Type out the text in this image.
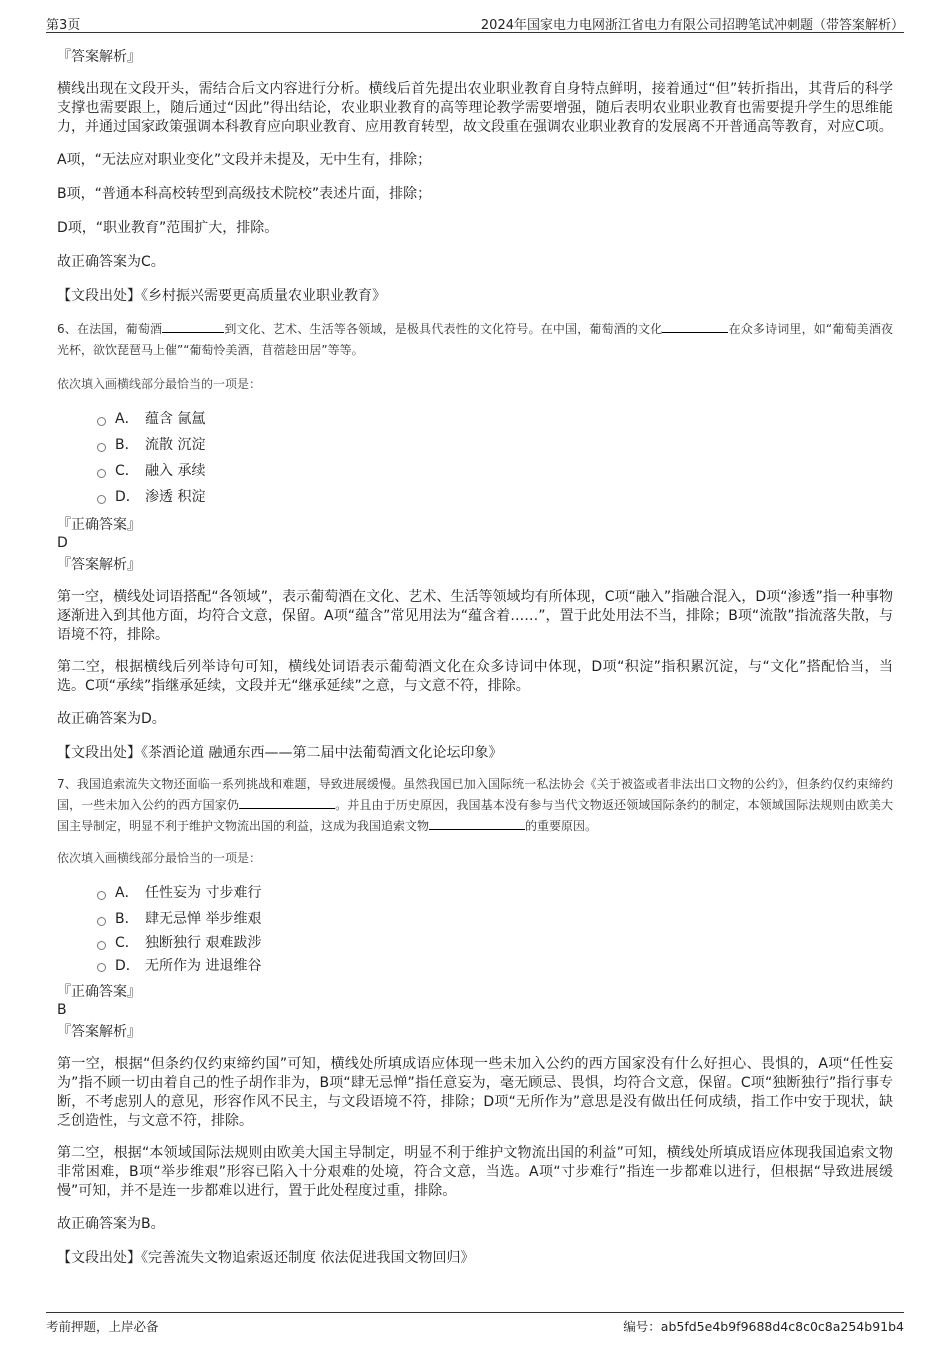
第3页	2024年国家电力电网浙江省电力有限公司招聘笔试冲刺题（带答案解析）

『答案解析』

横线出现在文段开头，需结合后文内容进行分析。横线后首先提出农业职业教育自身特点鲜明，接着通过“但”转折指出，其背后的科学支撑也需要跟上，随后通过“因此”得出结论，农业职业教育的高等理论教学需要增强，随后表明农业职业教育也需要提升学生的思维能力，并通过国家政策强调本科教育应向职业教育、应用教育转型，故文段重在强调农业职业教育的发展离不开普通高等教育，对应C项。

A项，“无法应对职业变化”文段并未提及，无中生有，排除；

B项，“普通本科高校转型到高级技术院校”表述片面，排除；

D项，“职业教育”范围扩大，排除。

故正确答案为C。

【文段出处】《乡村振兴需要更高质量农业职业教育》

6、在法国，葡萄酒	到文化、艺术、生活等各领域，是极具代表性的文化符号。在中国，葡萄酒的文化	在众多诗词里，如“葡萄美酒夜光杯，欲饮琵琶马上催”“葡萄怜美酒，苜蓿趁田居”等等。

依次填入画横线部分最恰当的一项是：

A． 蕴含 氤氲
B． 流散 沉淀
C． 融入 承续
D． 渗透 积淀

『正确答案』

D

『答案解析』

第一空，横线处词语搭配“各领域”，表示葡萄酒在文化、艺术、生活等领域均有所体现，C项“融入”指融合混入，D项“渗透”指一种事物逐渐进入到其他方面，均符合文意，保留。A项“蕴含”常见用法为“蕴含着……”，置于此处用法不当，排除；B项“流散”指流落失散，与语境不符，排除。

第二空，根据横线后列举诗句可知，横线处词语表示葡萄酒文化在众多诗词中体现，D项“积淀”指积累沉淀，与“文化”搭配恰当，当选。C项“承续”指继承延续，文段并无“继承延续”之意，与文意不符，排除。

故正确答案为D。

【文段出处】《茶酒论道 融通东西——第二届中法葡萄酒文化论坛印象》

7、我国追索流失文物还面临一系列挑战和难题，导致进展缓慢。虽然我国已加入国际统一私法协会《关于被盗或者非法出口文物的公约》，但条约仅约束缔约国，一些未加入公约的西方国家仍	。并且由于历史原因，我国基本没有参与当代文物返还领域国际条约的制定，本领域国际法规则由欧美大国主导制定，明显不利于维护文物流出国的利益，这成为我国追索文物	的重要原因。

依次填入画横线部分最恰当的一项是：

A． 任性妄为 寸步难行
B． 肆无忌惮 举步维艰
C． 独断独行 艰难跋涉
D． 无所作为 进退维谷

『正确答案』

B

『答案解析』

第一空，根据“但条约仅约束缔约国”可知，横线处所填成语应体现一些未加入公约的西方国家没有什么好担心、畏惧的，A项“任性妄为”指不顾一切由着自己的性子胡作非为，B项“肆无忌惮”指任意妄为，毫无顾忌、畏惧，均符合文意，保留。C项“独断独行”指行事专断，不考虑别人的意见，形容作风不民主，与文段语境不符，排除；D项“无所作为”意思是没有做出任何成绩，指工作中安于现状，缺乏创造性，与文意不符，排除。

第二空，根据“本领域国际法规则由欧美大国主导制定，明显不利于维护文物流出国的利益”可知，横线处所填成语应体现我国追索文物非常困难，B项“举步维艰”形容已陷入十分艰难的处境，符合文意，当选。A项“寸步难行”指连一步都难以进行，但根据“导致进展缓慢”可知，并不是连一步都难以进行，置于此处程度过重，排除。

故正确答案为B。

【文段出处】《完善流失文物追索返还制度 依法促进我国文物回归》

考前押题，上岸必备	编号：ab5fd5e4b9f9688d4c8c0c8a254b91b4
